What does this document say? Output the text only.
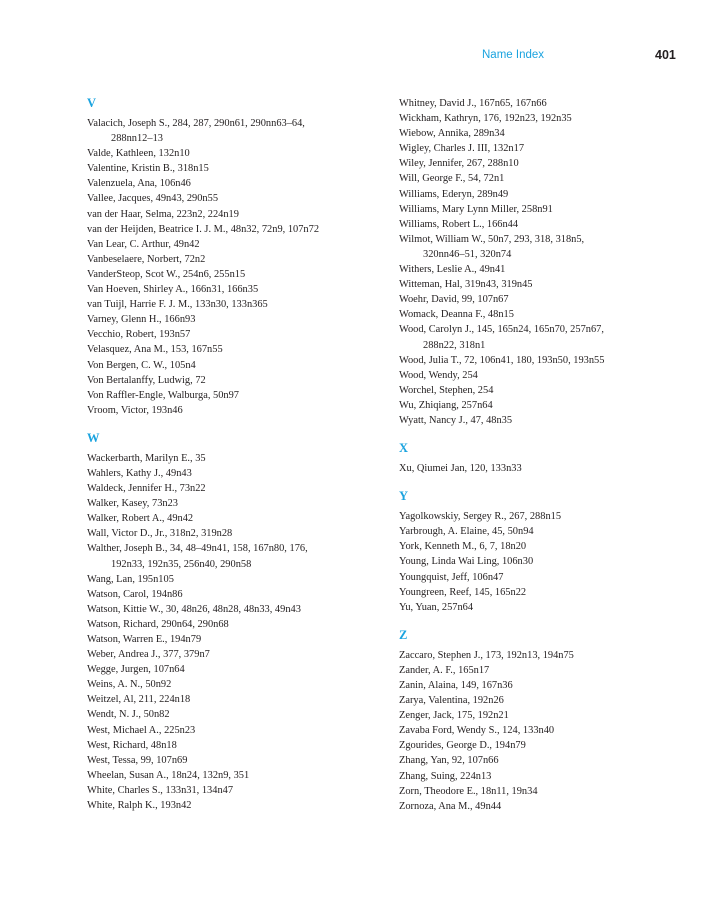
Name Index	401
V
Valacich, Joseph S., 284, 287, 290n61, 290nn63–64,
288nn12–13
Valde, Kathleen, 132n10
Valentine, Kristin B., 318n15
Valenzuela, Ana, 106n46
Vallee, Jacques, 49n43, 290n55
van der Haar, Selma, 223n2, 224n19
van der Heijden, Beatrice I. J. M., 48n32, 72n9, 107n72
Van Lear, C. Arthur, 49n42
Vanbeselaere, Norbert, 72n2
VanderSteop, Scot W., 254n6, 255n15
Van Hoeven, Shirley A., 166n31, 166n35
van Tuijl, Harrie F. J. M., 133n30, 133n365
Varney, Glenn H., 166n93
Vecchio, Robert, 193n57
Velasquez, Ana M., 153, 167n55
Von Bergen, C. W., 105n4
Von Bertalanffy, Ludwig, 72
Von Raffler-Engle, Walburga, 50n97
Vroom, Victor, 193n46
W
Wackerbarth, Marilyn E., 35
Wahlers, Kathy J., 49n43
Waldeck, Jennifer H., 73n22
Walker, Kasey, 73n23
Walker, Robert A., 49n42
Wall, Victor D., Jr., 318n2, 319n28
Walther, Joseph B., 34, 48–49n41, 158, 167n80, 176,
192n33, 192n35, 256n40, 290n58
Wang, Lan, 195n105
Watson, Carol, 194n86
Watson, Kittie W., 30, 48n26, 48n28, 48n33, 49n43
Watson, Richard, 290n64, 290n68
Watson, Warren E., 194n79
Weber, Andrea J., 377, 379n7
Wegge, Jurgen, 107n64
Weins, A. N., 50n92
Weitzel, Al, 211, 224n18
Wendt, N. J., 50n82
West, Michael A., 225n23
West, Richard, 48n18
West, Tessa, 99, 107n69
Wheelan, Susan A., 18n24, 132n9, 351
White, Charles S., 133n31, 134n47
White, Ralph K., 193n42
Whitney, David J., 167n65, 167n66
Wickham, Kathryn, 176, 192n23, 192n35
Wiebow, Annika, 289n34
Wigley, Charles J. III, 132n17
Wiley, Jennifer, 267, 288n10
Will, George F., 54, 72n1
Williams, Ederyn, 289n49
Williams, Mary Lynn Miller, 258n91
Williams, Robert L., 166n44
Wilmot, William W., 50n7, 293, 318, 318n5,
320nn46–51, 320n74
Withers, Leslie A., 49n41
Witteman, Hal, 319n43, 319n45
Woehr, David, 99, 107n67
Womack, Deanna F., 48n15
Wood, Carolyn J., 145, 165n24, 165n70, 257n67,
288n22, 318n1
Wood, Julia T., 72, 106n41, 180, 193n50, 193n55
Wood, Wendy, 254
Worchel, Stephen, 254
Wu, Zhiqiang, 257n64
Wyatt, Nancy J., 47, 48n35
X
Xu, Qiumei Jan, 120, 133n33
Y
Yagolkowskiy, Sergey R., 267, 288n15
Yarbrough, A. Elaine, 45, 50n94
York, Kenneth M., 6, 7, 18n20
Young, Linda Wai Ling, 106n30
Youngquist, Jeff, 106n47
Youngreen, Reef, 145, 165n22
Yu, Yuan, 257n64
Z
Zaccaro, Stephen J., 173, 192n13, 194n75
Zander, A. F., 165n17
Zanin, Alaina, 149, 167n36
Zarya, Valentina, 192n26
Zenger, Jack, 175, 192n21
Zavaba Ford, Wendy S., 124, 133n40
Zgourides, George D., 194n79
Zhang, Yan, 92, 107n66
Zhang, Suing, 224n13
Zorn, Theodore E., 18n11, 19n34
Zornoza, Ana M., 49n44
